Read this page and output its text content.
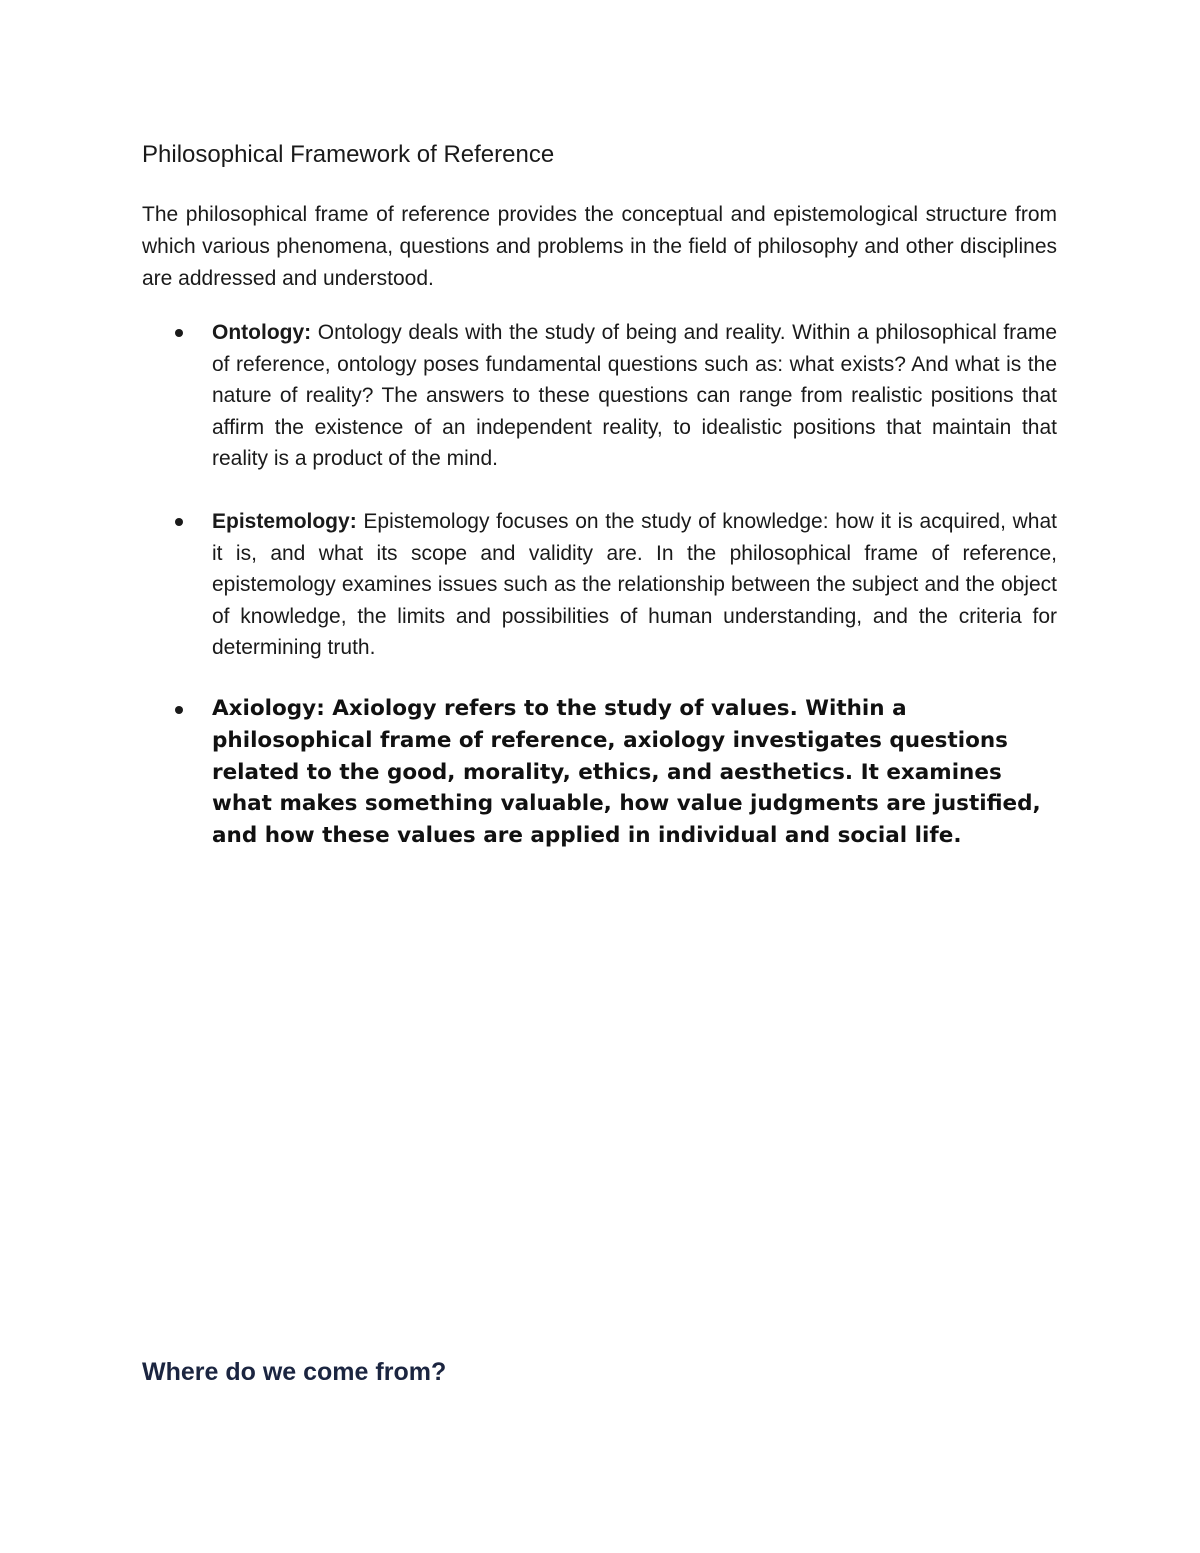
Philosophical Framework of Reference

The philosophical frame of reference provides the conceptual and epistemological structure from which various phenomena, questions and problems in the field of philosophy and other disciplines are addressed and understood.

Ontology: Ontology deals with the study of being and reality. Within a philosophical frame of reference, ontology poses fundamental questions such as: what exists? And what is the nature of reality? The answers to these questions can range from realistic positions that affirm the existence of an independent reality, to idealistic positions that maintain that reality is a product of the mind.

Epistemology: Epistemology focuses on the study of knowledge: how it is acquired, what it is, and what its scope and validity are. In the philosophical frame of reference, epistemology examines issues such as the relationship between the subject and the object of knowledge, the limits and possibilities of human understanding, and the criteria for determining truth.

Axiology: Axiology refers to the study of values. Within a philosophical frame of reference, axiology investigates questions related to the good, morality, ethics, and aesthetics. It examines what makes something valuable, how value judgments are justified, and how these values are applied in individual and social life.

Where do we come from?
